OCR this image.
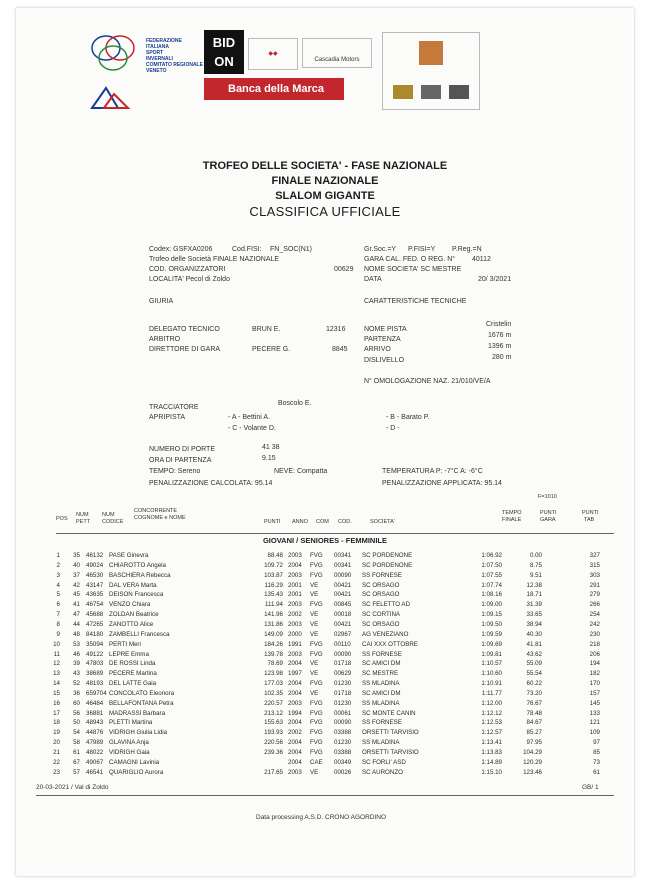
FEDERAZIONE
ITALIANA
SPORT
INVERNALI
COMITATO REGIONALE
VENETO
BID
ON	◆◆
Cascadia Motors
Banca della Marca
TROFEO DELLE SOCIETA' - FASE NAZIONALE
FINALE NAZIONALE
SLALOM GIGANTE
CLASSIFICA UFFICIALE
Codex: GSFXA0206	Cod.FISI: FN_SOC(N1)	Gr.Soc.=Y P.FISI=Y P.Reg.=N
Trofeo delle Società FINALE NAZIONALE	GARA CAL. FED. O REG. N° 40112
COD. ORGANIZZATORI	00629 NOME SOCIETA' SC MESTRE
LOCALITA' Pecol di Zoldo	DATA	20/ 3/2021
GIURIA	CARATTERISTICHE TECNICHE
DELEGATO TECNICO	BRUN E.	12316	NOME PISTA
Cristelin
ARBITRO	PARTENZA
1676 m
DIRETTORE DI GARA	PECERE G.	8845 ARRIVO	1396 m
DISLIVELLO	280 m
N° OMOLOGAZIONE NAZ. 21/010/VE/A
TRACCIATORE
Boscolo E.
APRIPISTA	- A - Bettini A.	- B - Barato P.
- C - Volante D.	- D -
NUMERO DI PORTE	41 38
ORA DI PARTENZA	9.15
TEMPO: Sereno	NEVE: Compatta	TEMPERATURA P: -7°C A: -6°C
PENALIZZAZIONE CALCOLATA: 95.14	PENALIZZAZIONE APPLICATA: 95.14
POS
NUM
PETT
NUM
CODICE
CONCORRENTE
COGNOME e NOME
PUNTI ANNO COM COD.	SOCIETA'
TEMPO
FINALE
F=1010
PUNTI
GARA
PUNTI
TAB
GIOVANI / SENIORES - FEMMINILE
1	35 46132 PASE Ginevra	88.48 2003 FVG 00341 SC PORDENONE	1:06.92	0.00	327
2	40 49024 CHIAROTTO Angela	109.72 2004 FVG 00341 SC PORDENONE	1:07.50	8.75	315
3	37 46530 BASCHIERA Rebecca	103.87 2003 FVG 00090 SS FORNESE	1:07.55	9.51	303
4	42 43147 DAL VERA Marta	116.29 2001 VE	00421 SC ORSAGO	1:07.74	12.38	291
5	45 43635 DEISON Francesca	135.43 2001 VE	00421 SC ORSAGO	1:08.16	18.71	279
6	41 46754 VENZO Chiara	111.94 2003 FVG 00845 SC FELETTO AD	1:09.00	31.39	266
7	47 45688 ZOLDAN Beatrice	141.96 2002 VE	00018 SC CORTINA	1:09.15	33.65	254
8	44 47265 ZANOTTO Alice	131.86 2003 VE	00421 SC ORSAGO	1:09.50	38.94	242
9	48 84180 ZAMBELLI Francesca	149.09 2000 VE	02967 AG VENEZIANO	1:09.59	40.30	230
10	53 35094 PERTI Meri	184.26 1991 FVG 00110 CAI XXX OTTOBRE	1:09.69	41.81	218
11	46 49122 LEPRE Emma	139.78 2003 FVG 00090 SS FORNESE	1:09.81	43.62	206
12	39 47803 DE ROSSI Linda	78.69 2004 VE	01718 SC AMICI DM	1:10.57	55.09	194
13	43 38689 PECERE Martina	123.98 1997 VE	00629 SC MESTRE	1:10.60	55.54	182
14	52 48193 DEL LATTE Gaia	177.03 2004 FVG 01230 SS MLADINA	1:10.91	60.22	170
15	36 659704 CONCOLATO Eleonora	102.35 2004 VE	01718 SC AMICI DM	1:11.77	73.20	157
16	60 46484 BELLAFONTANA Petra	220.57 2003 FVG 01230 SS MLADINA	1:12.00	76.67	145
17	56 36881 MADRASSI Barbara	213.12 1994 FVG 00061 SC MONTE CANIN	1:12.12	78.48	133
18	50 48943 PLETTI Martina	155.63 2004 FVG 00090 SS FORNESE	1:12.53	84.67	121
19	54 44876 VIDRIGH Giulia Lidia	193.93 2002 FVG 03388 ORSETTI TARVISIO	1:12.57	85.27	109
20	58 47989 GLAVINA Anja	220.56 2004 FVG 01230 SS MLADINA	1:13.41	97.95	97
21	61 48022 VIDRIGH Gaia	239.36 2004 FVG 03388 ORSETTI TARVISIO	1:13.83	104.29	85
22	67 49067 CAMAGNI Lavinia	2004 CAE 00349 SC FORLI' ASD	1:14.89	120.29	73
23	57 46541 QUARIGLIO Aurora	217.65 2003 VE	00026 SC AURONZO	1:15.10	123.46	61
20-03-2021 / Val di Zoldo	GB/ 1
Data processing A.S.D. CRONO AGORDINO
